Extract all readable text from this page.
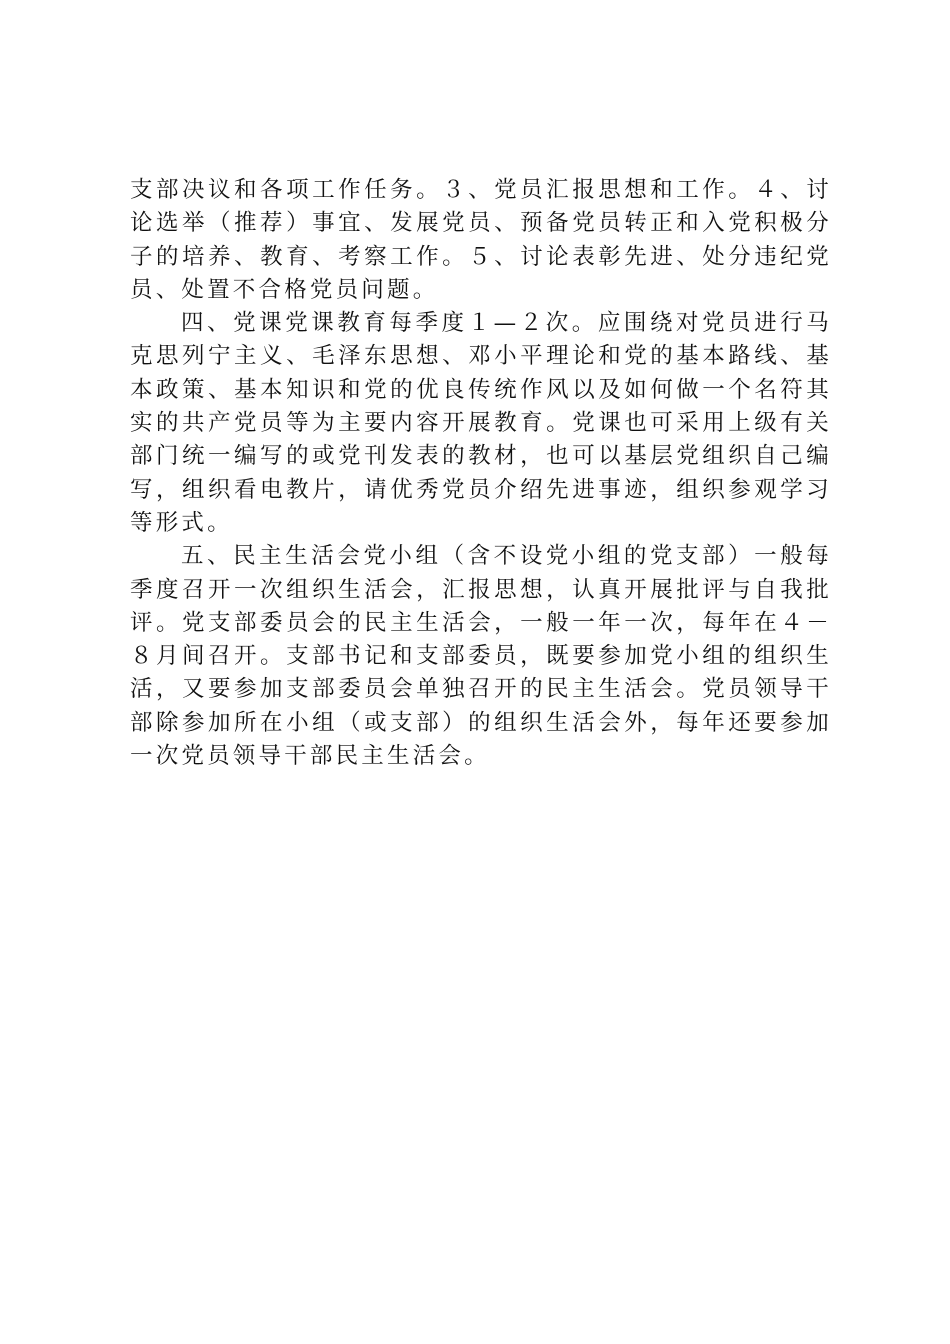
支部决议和各项工作任务。３、党员汇报思想和工作。４、讨论选举（推荐）事宜、发展党员、预备党员转正和入党积极分子的培养、教育、考察工作。５、讨论表彰先进、处分违纪党员、处置不合格党员问题。

四、党课党课教育每季度１—２次。应围绕对党员进行马克思列宁主义、毛泽东思想、邓小平理论和党的基本路线、基本政策、基本知识和党的优良传统作风以及如何做一个名符其实的共产党员等为主要内容开展教育。党课也可采用上级有关部门统一编写的或党刊发表的教材，也可以基层党组织自己编写，组织看电教片，请优秀党员介绍先进事迹，组织参观学习等形式。

五、民主生活会党小组（含不设党小组的党支部）一般每季度召开一次组织生活会，汇报思想，认真开展批评与自我批评。党支部委员会的民主生活会，一般一年一次，每年在４－８月间召开。支部书记和支部委员，既要参加党小组的组织生活，又要参加支部委员会单独召开的民主生活会。党员领导干部除参加所在小组（或支部）的组织生活会外，每年还要参加一次党员领导干部民主生活会。
